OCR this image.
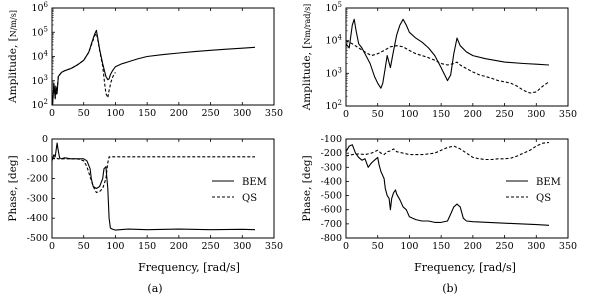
0 50 100 150 200 250 300 350
$10^2$
$10^3$
$10^4$
$10^5$
$10^6$
Amplitude, [N/m/s]
0 50 100 150 200 250 300 350
0
-100
-200
-300
-400
-500
Phase, [deg]	BEM
QS
0 50 100 150 200 250 300 350
$10^2$
$10^3$
$10^4$
$10^5$
Amplitude, [Nm/rad/s]
0 50 100 150 200 250 300 350
-100
-200
-300
-400
-500
-600
-700
-800
Phase, [deg]	BEM
QS
Frequency, [rad/s]	Frequency, [rad/s]
(a)	(b)
